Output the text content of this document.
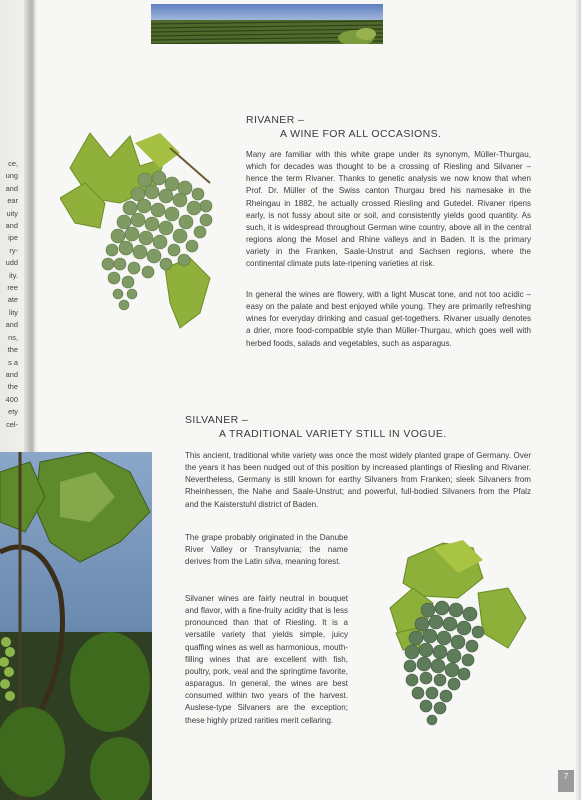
ce,
ung
and
ear
uity
and
ipe
ry-
udd
ity.
ree
ate
lity
and
ns,
the
s a
and
the
400
ety
cel-
RIVANER –
A WINE FOR ALL OCCASIONS.

Many are familiar with this white grape under its synonym, Müller-Thurgau, which for decades was thought to be a crossing of Riesling and Silvaner – hence the term Rivaner. Thanks to genetic analysis we now know that when Prof. Dr. Müller of the Swiss canton Thurgau bred his namesake in the Rheingau in 1882, he actually crossed Riesling and Gutedel. Rivaner ripens early, is not fussy about site or soil, and consistently yields good quantity. As such, it is widespread throughout German wine country, above all in the central regions along the Mosel and Rhine valleys and in Baden. It is the primary variety in the Franken, Saale-Unstrut and Sachsen regions, where the continental climate puts late-ripening varieties at risk.

In general the wines are flowery, with a light Muscat tone, and not too acidic – easy on the palate and best enjoyed while young. They are primarily refreshing wines for everyday drinking and casual get-togethers. Rivaner usually denotes a drier, more food-compatible style than Müller-Thurgau, which goes well with herbed foods, salads and vegetables, such as asparagus.

SILVANER –
A TRADITIONAL VARIETY STILL IN VOGUE.

This ancient, traditional white variety was once the most widely planted grape of Germany. Over the years it has been nudged out of this position by increased plantings of Riesling and Rivaner. Nevertheless, Germany is still known for earthy Silvaners from Franken; sleek Silvaners from Rheinhessen, the Nahe and Saale-Unstrut; and powerful, full-bodied Silvaners from the Pfalz and the Kaisterstuhl district of Baden.

The grape probably originated in the Danube River Valley or Transylvania; the name derives from the Latin silva, meaning forest.

Silvaner wines are fairly neutral in bouquet and flavor, with a fine-fruity acidity that is less pronounced than that of Riesling. It is a versatile variety that yields simple, juicy quaffing wines as well as harmonious, mouth-filling wines that are excellent with fish, poultry, pork, veal and the springtime favorite, asparagus. In general, the wines are best consumed within two years of the harvest. Auslese-type Silvaners are the exception; these highly prized rarities merit cellaring.

7
